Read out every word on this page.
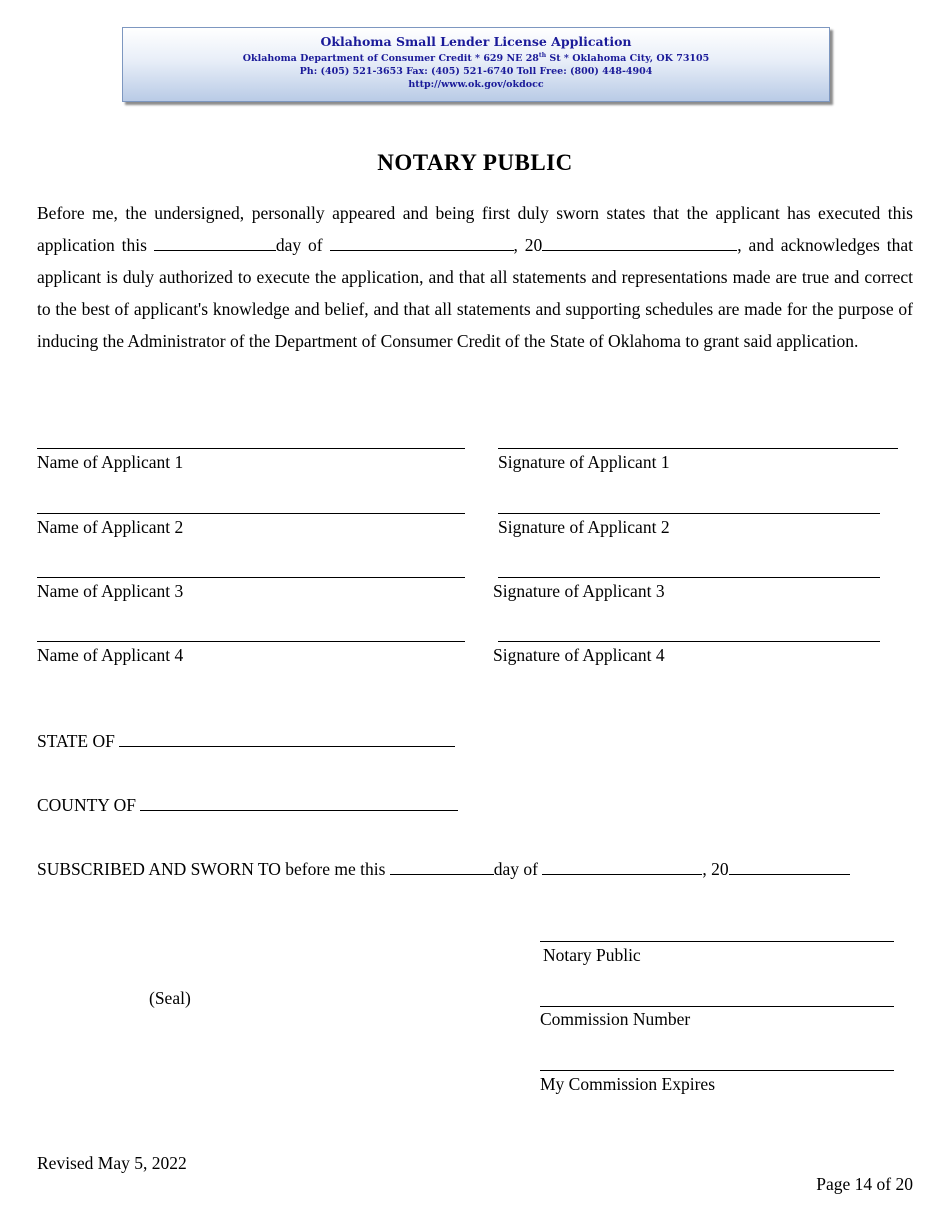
Oklahoma Small Lender License Application
Oklahoma Department of Consumer Credit * 629 NE 28th St * Oklahoma City, OK 73105
Ph: (405) 521-3653 Fax: (405) 521-6740 Toll Free: (800) 448-4904
http://www.ok.gov/okdocc
NOTARY PUBLIC
Before me, the undersigned, personally appeared and being first duly sworn states that the applicant has executed this application this	day of	, 20	, and acknowledges that applicant is duly authorized to execute the application, and that all statements and representations made are true and correct to the best of applicant's knowledge and belief, and that all statements and supporting schedules are made for the purpose of inducing the Administrator of the Department of Consumer Credit of the State of Oklahoma to grant said application.
Name of Applicant 1	Signature of Applicant 1
Name of Applicant 2	Signature of Applicant 2
Name of Applicant 3	Signature of Applicant 3
Name of Applicant 4	Signature of Applicant 4
STATE OF
COUNTY OF
SUBSCRIBED AND SWORN TO before me this	day of	, 20
Notary Public
(Seal)
Commission Number
My Commission Expires
Revised May 5, 2022
Page 14 of 20
